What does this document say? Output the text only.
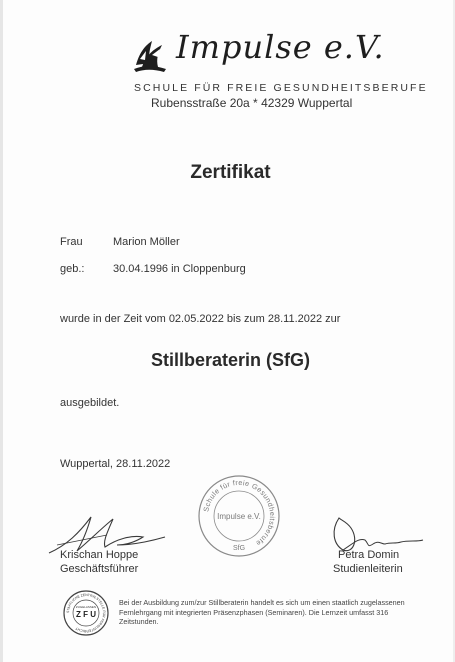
Impulse e.V.
SCHULE FÜR FREIE GESUNDHEITSBERUFE
Rubensstraße 20a * 42329 Wuppertal
Zertifikat
Frau	Marion Möller
geb.:	30.04.1996 in Cloppenburg
wurde in der Zeit vom 02.05.2022 bis zum 28.11.2022 zur
Stillberaterin (SfG)
ausgebildet.
Wuppertal, 28.11.2022
Schule für freie Gesundheitsberufe
Impulse e.V.
SfG
Krischan Hoppe
Geschäftsführer
Petra Domin
Studienleiterin
STAATLICHE ZENTRALSTELLE FÜR FERNUNTERRICHT
ZUGELASSEN
Z F U
Bei der Ausbildung zum/zur Stillberaterin handelt es sich um einen staatlich zugelassenen Fernlehrgang mit integrierten Präsenzphasen (Seminaren). Die Lernzeit umfasst 316 Zeitstunden.
